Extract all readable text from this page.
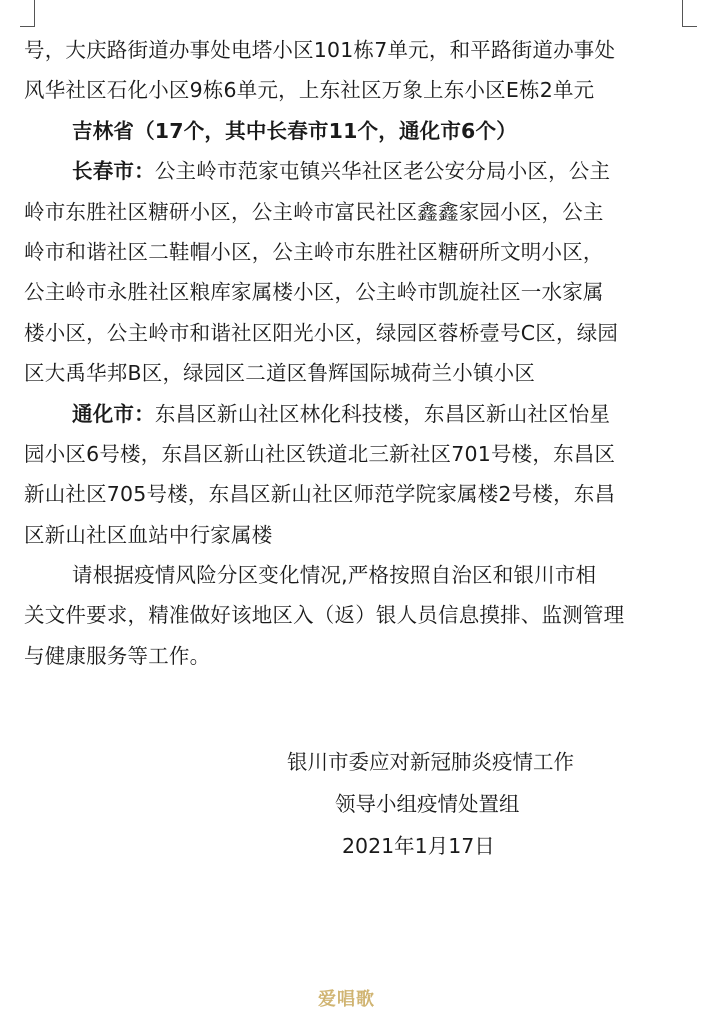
号，大庆路街道办事处电塔小区101栋7单元，和平路街道办事处
风华社区石化小区9栋6单元，上东社区万象上东小区E栋2单元
吉林省（17个，其中长春市11个，通化市6个）
长春市：公主岭市范家屯镇兴华社区老公安分局小区，公主
岭市东胜社区糖研小区，公主岭市富民社区鑫鑫家园小区，公主
岭市和谐社区二鞋帽小区，公主岭市东胜社区糖研所文明小区，
公主岭市永胜社区粮库家属楼小区，公主岭市凯旋社区一水家属
楼小区，公主岭市和谐社区阳光小区，绿园区蓉桥壹号C区，绿园
区大禹华邦B区，绿园区二道区鲁辉国际城荷兰小镇小区
通化市：东昌区新山社区林化科技楼，东昌区新山社区怡星
园小区6号楼，东昌区新山社区铁道北三新社区701号楼，东昌区
新山社区705号楼，东昌区新山社区师范学院家属楼2号楼，东昌
区新山社区血站中行家属楼
请根据疫情风险分区变化情况,严格按照自治区和银川市相
关文件要求，精准做好该地区入（返）银人员信息摸排、监测管理
与健康服务等工作。
银川市委应对新冠肺炎疫情工作
领导小组疫情处置组
2021年1月17日
爱唱歌
